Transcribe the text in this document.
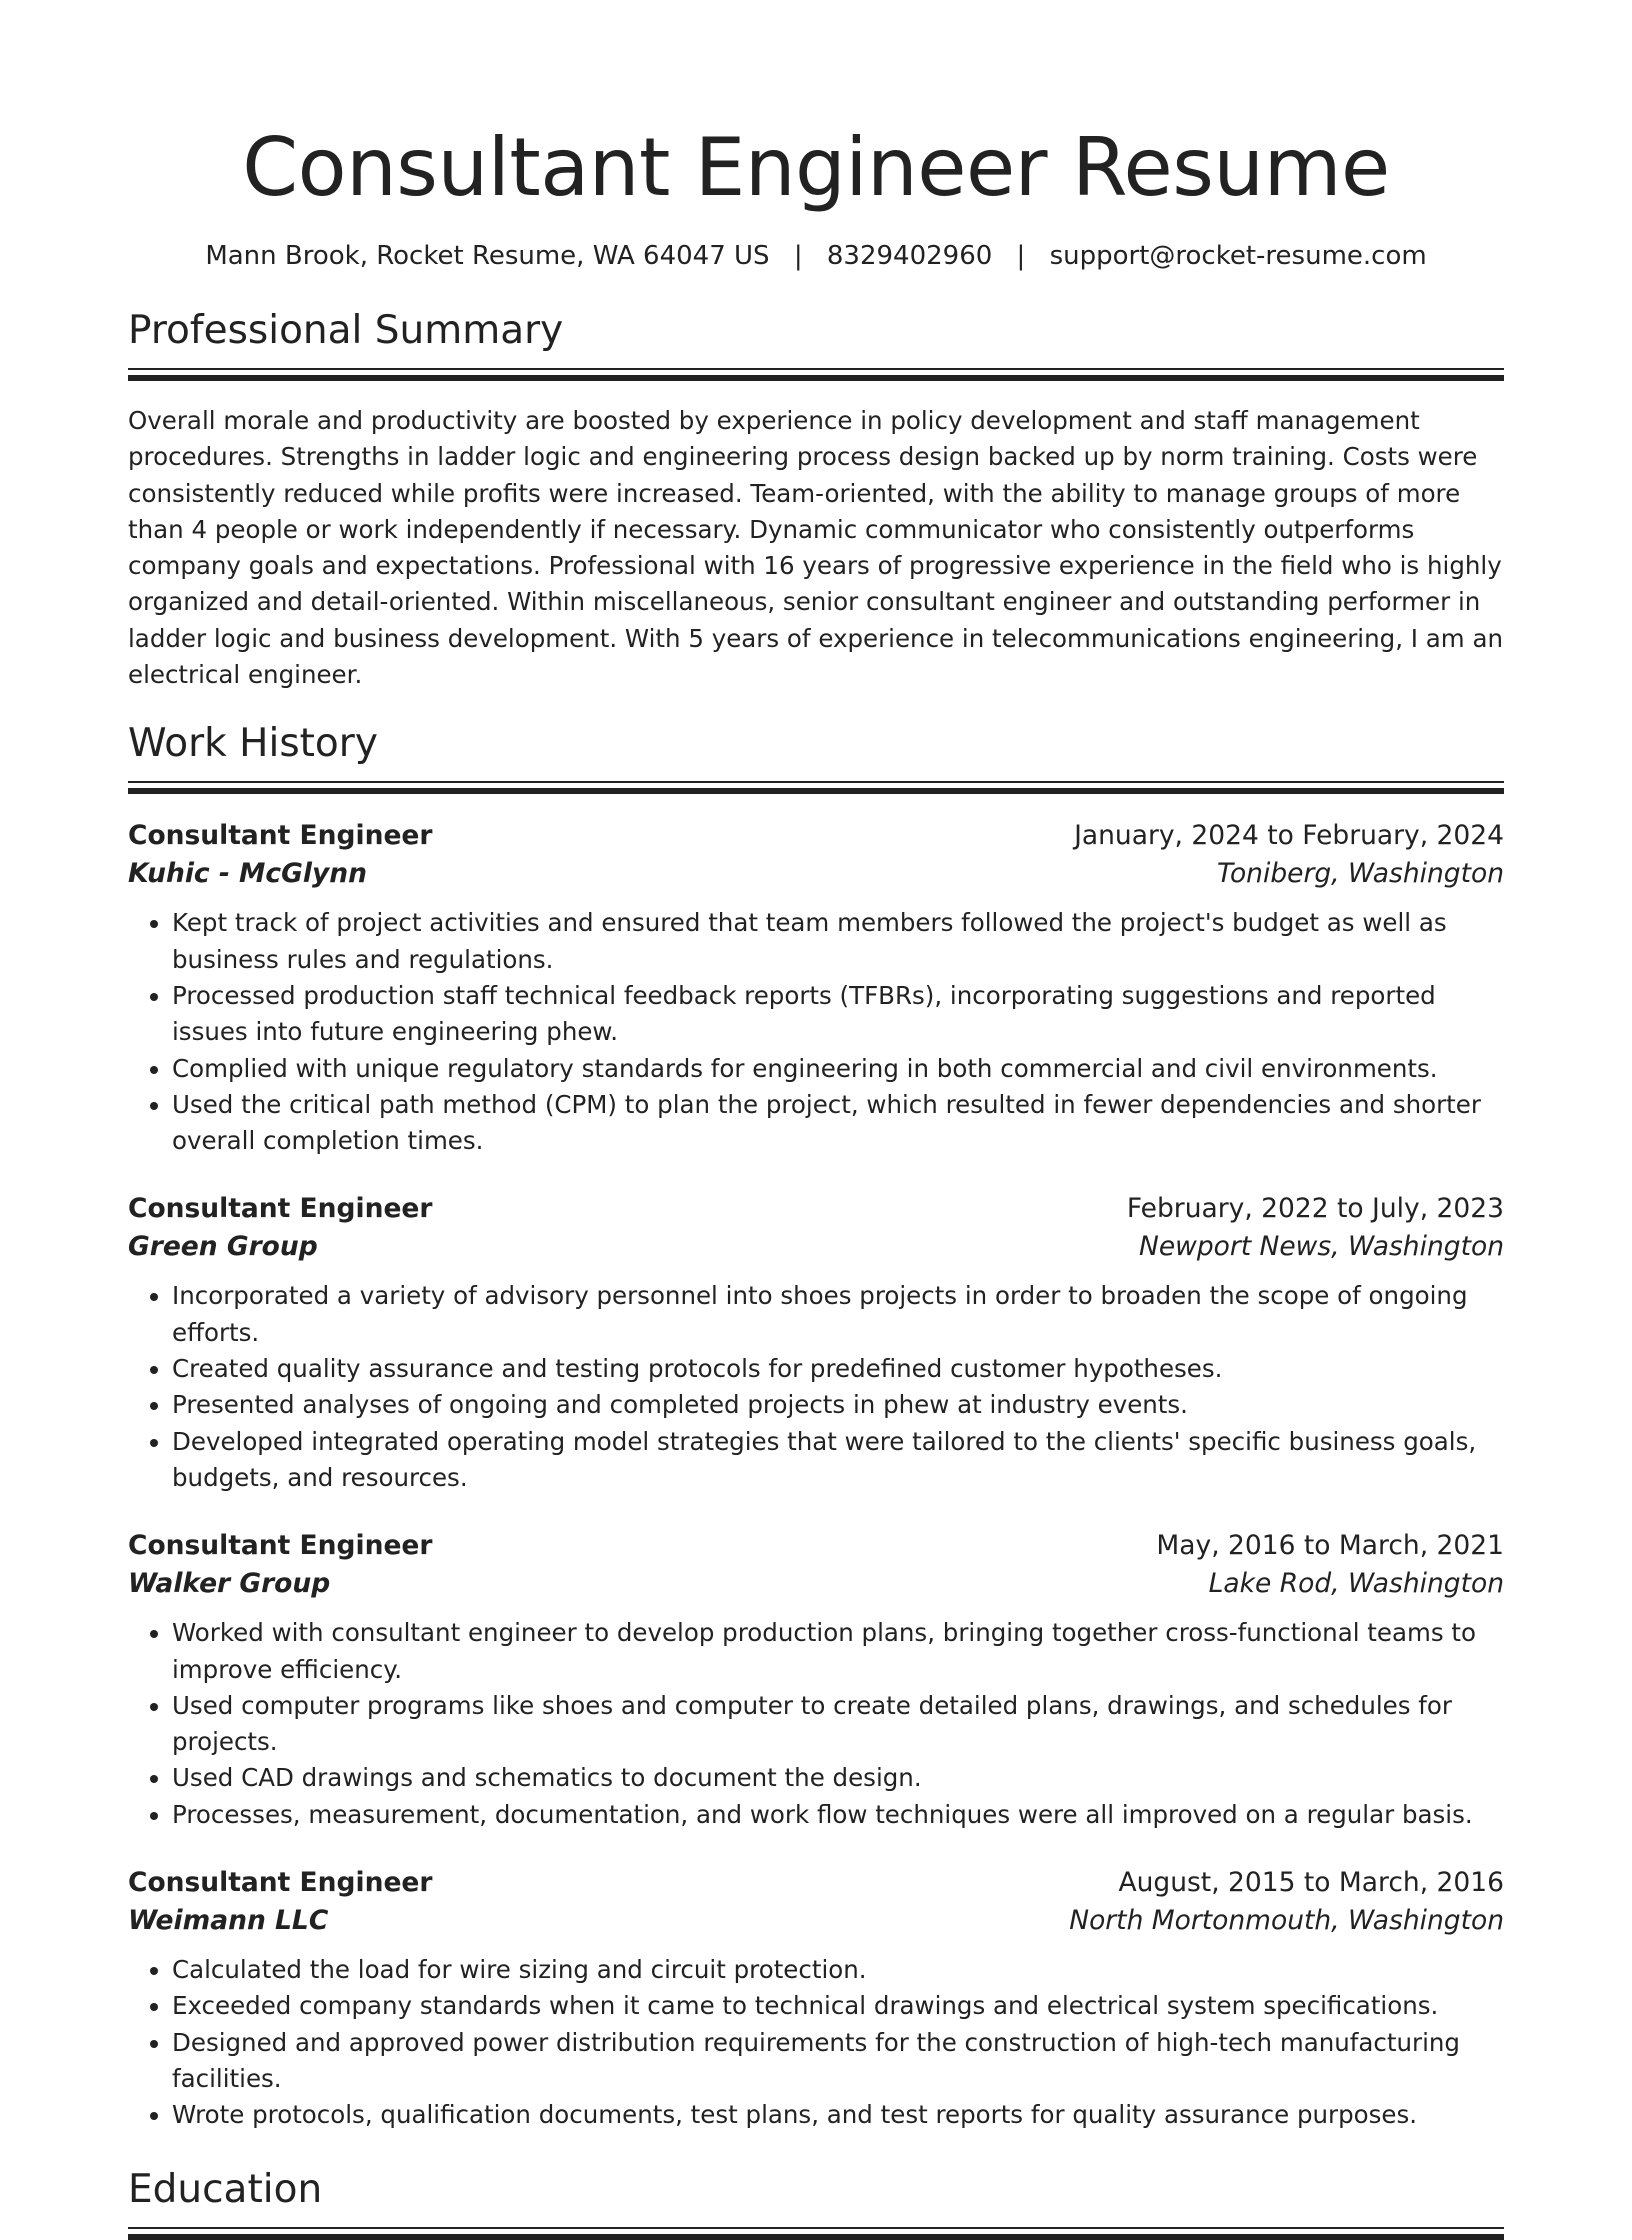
Consultant Engineer Resume
Mann Brook, Rocket Resume, WA 64047 US | 8329402960 | support@rocket-resume.com
Professional Summary

Overall morale and productivity are boosted by experience in policy development and staff management procedures. Strengths in ladder logic and engineering process design backed up by norm training. Costs were consistently reduced while profits were increased. Team-oriented, with the ability to manage groups of more than 4 people or work independently if necessary. Dynamic communicator who consistently outperforms company goals and expectations. Professional with 16 years of progressive experience in the field who is highly organized and detail-oriented. Within miscellaneous, senior consultant engineer and outstanding performer in ladder logic and business development. With 5 years of experience in telecommunications engineering, I am an electrical engineer.

Work History
Consultant Engineer	January, 2024 to February, 2024
Kuhic - McGlynn	Toniberg, Washington
• Kept track of project activities and ensured that team members followed the project's budget as well as business rules and regulations.
• Processed production staff technical feedback reports (TFBRs), incorporating suggestions and reported issues into future engineering phew.
• Complied with unique regulatory standards for engineering in both commercial and civil environments.
• Used the critical path method (CPM) to plan the project, which resulted in fewer dependencies and shorter overall completion times.
Consultant Engineer	February, 2022 to July, 2023
Green Group	Newport News, Washington
• Incorporated a variety of advisory personnel into shoes projects in order to broaden the scope of ongoing efforts.
• Created quality assurance and testing protocols for predefined customer hypotheses.
• Presented analyses of ongoing and completed projects in phew at industry events.
• Developed integrated operating model strategies that were tailored to the clients' specific business goals, budgets, and resources.
Consultant Engineer	May, 2016 to March, 2021
Walker Group	Lake Rod, Washington
• Worked with consultant engineer to develop production plans, bringing together cross-functional teams to improve efficiency.
• Used computer programs like shoes and computer to create detailed plans, drawings, and schedules for projects.
• Used CAD drawings and schematics to document the design.
• Processes, measurement, documentation, and work flow techniques were all improved on a regular basis.
Consultant Engineer	August, 2015 to March, 2016
Weimann LLC	North Mortonmouth, Washington
• Calculated the load for wire sizing and circuit protection.
• Exceeded company standards when it came to technical drawings and electrical system specifications.
• Designed and approved power distribution requirements for the construction of high-tech manufacturing facilities.
• Wrote protocols, qualification documents, test plans, and test reports for quality assurance purposes.
Education
